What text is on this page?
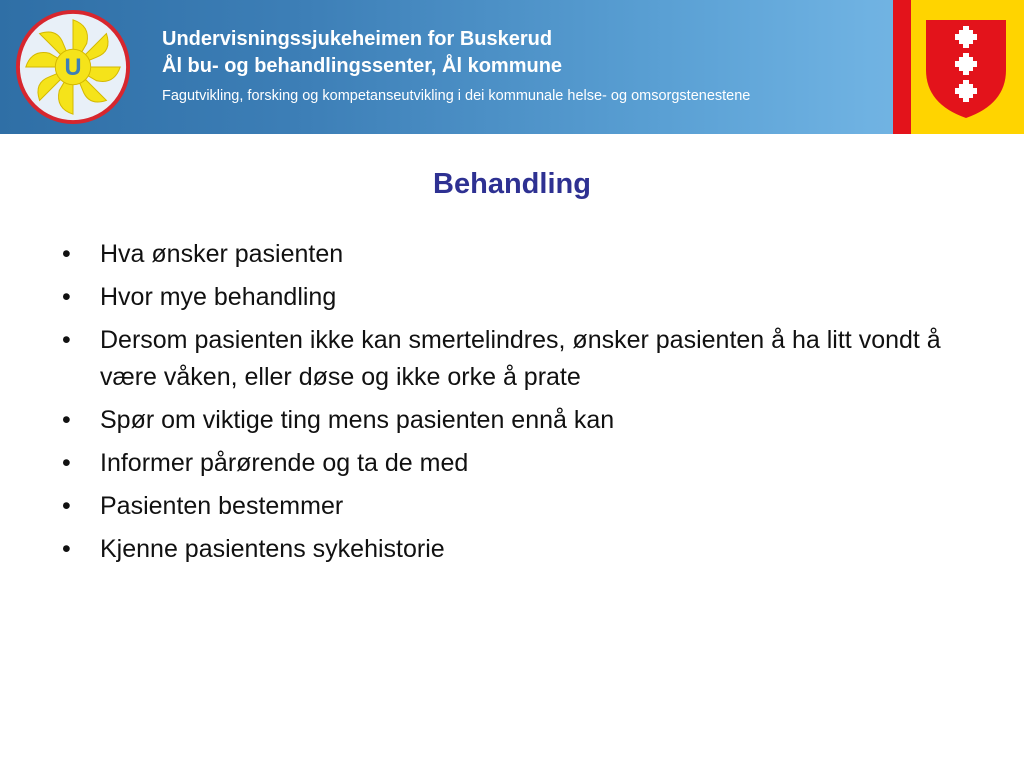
U
Undervisningssjukeheimen for Buskerud
Ål bu- og behandlingssenter, Ål kommune
Fagutvikling, forsking og kompetanseutvikling i dei kommunale helse- og omsorgstenestene
Behandling
• Hva ønsker pasienten
• Hvor mye behandling
• Dersom pasienten ikke kan smertelindres, ønsker pasienten å ha litt vondt å være våken, eller døse og ikke orke å prate
• Spør om viktige ting mens pasienten ennå kan
• Informer pårørende og ta de med
• Pasienten bestemmer
• Kjenne pasientens sykehistorie
